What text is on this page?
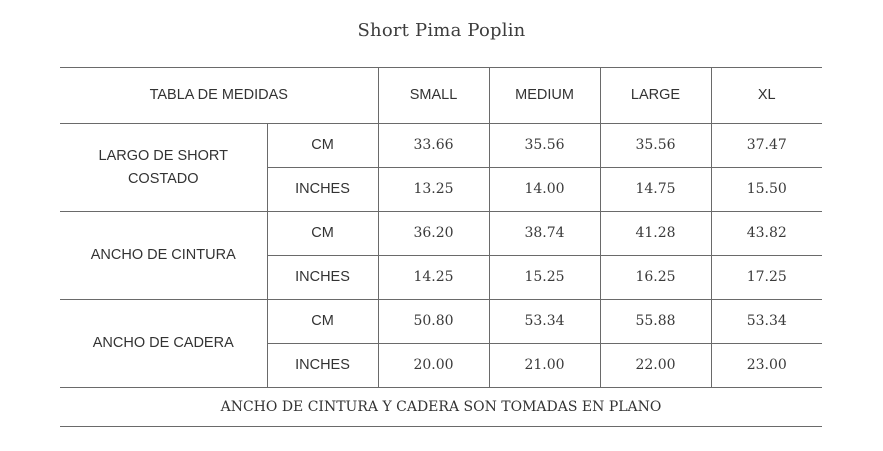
Short Pima Poplin
TABLA DE MEDIDAS		SMALL	MEDIUM	LARGE	XL

LARGO DE SHORT
COSTADO	CM	33.66	35.56	35.56	37.47
	INCHES	13.25	14.00	14.75	15.50

ANCHO DE CINTURA	CM	36.20	38.74	41.28	43.82
	INCHES	14.25	15.25	16.25	17.25

ANCHO DE CADERA	CM	50.80	53.34	55.88	53.34
	INCHES	20.00	21.00	22.00	23.00
ANCHO DE CINTURA Y CADERA SON TOMADAS EN PLANO					
